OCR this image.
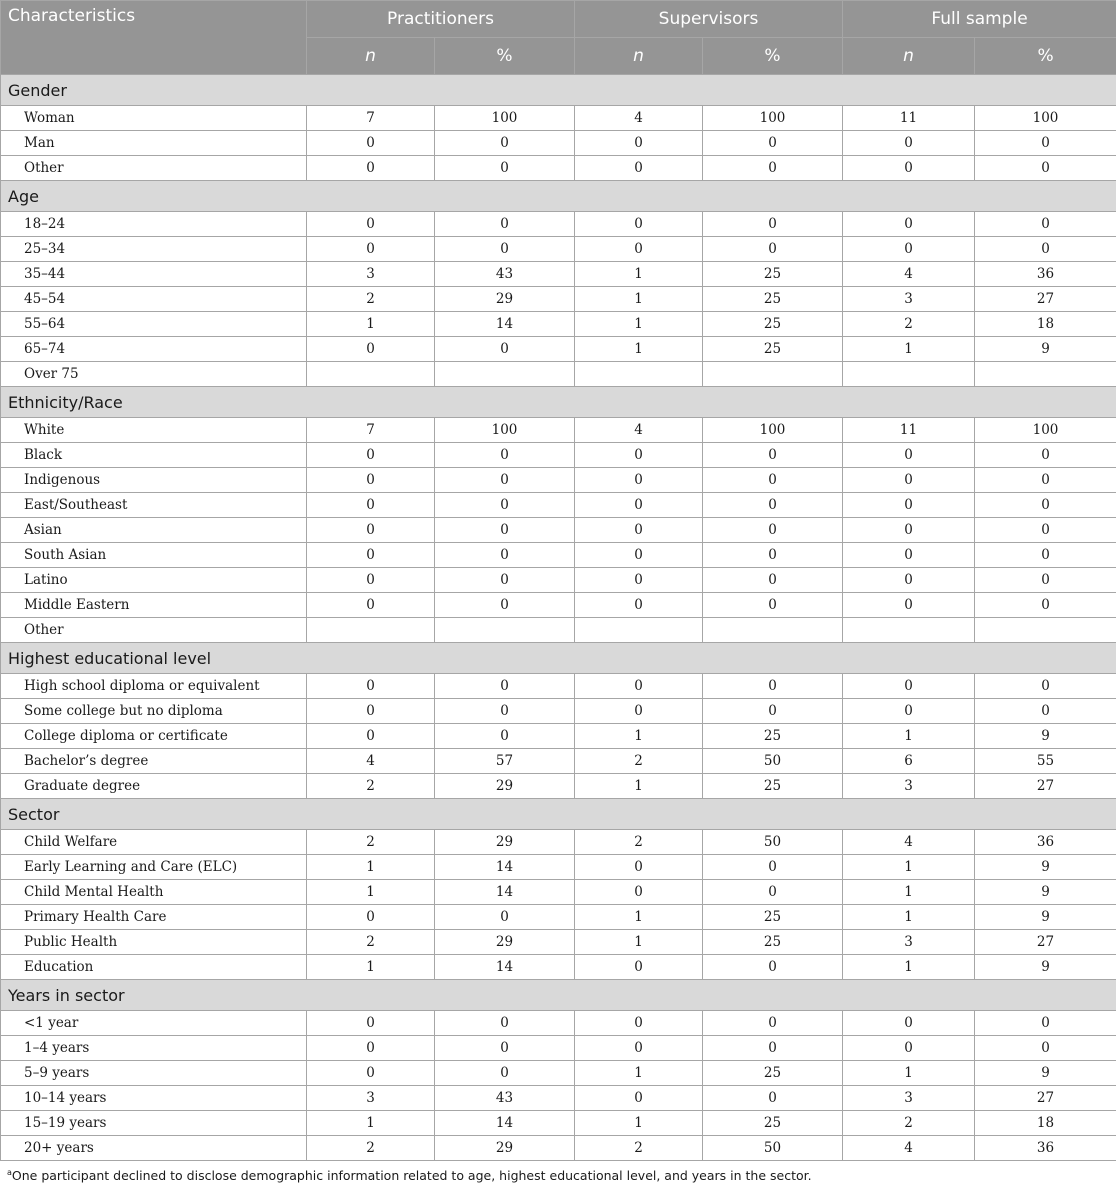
Characteristics	Practitioners		Supervisors		Full sample	
	n	%	n	%	n	%
Gender						
Woman	7	100	4	100	11	100
Man	0	0	0	0	0	0
Other	0	0	0	0	0	0
Age						
18–24	0	0	0	0	0	0
25–34	0	0	0	0	0	0
35–44	3	43	1	25	4	36
45–54	2	29	1	25	3	27
55–64	1	14	1	25	2	18
65–74	0	0	1	25	1	9
Over 75						
Ethnicity/Race						
White	7	100	4	100	11	100
Black	0	0	0	0	0	0
Indigenous	0	0	0	0	0	0
East/Southeast	0	0	0	0	0	0
Asian	0	0	0	0	0	0
South Asian	0	0	0	0	0	0
Latino	0	0	0	0	0	0
Middle Eastern	0	0	0	0	0	0
Other						
Highest educational level						
High school diploma or equivalent	0	0	0	0	0	0
Some college but no diploma	0	0	0	0	0	0
College diploma or certificate	0	0	1	25	1	9
Bachelor’s degree	4	57	2	50	6	55
Graduate degree	2	29	1	25	3	27
Sector						
Child Welfare	2	29	2	50	4	36
Early Learning and Care (ELC)	1	14	0	0	1	9
Child Mental Health	1	14	0	0	1	9
Primary Health Care	0	0	1	25	1	9
Public Health	2	29	1	25	3	27
Education	1	14	0	0	1	9
Years in sector						
<1 year	0	0	0	0	0	0
1–4 years	0	0	0	0	0	0
5–9 years	0	0	1	25	1	9
10–14 years	3	43	0	0	3	27
15–19 years	1	14	1	25	2	18
20+ years	2	29	2	50	4	36
$^a$One participant declined to disclose demographic information related to age, highest educational level, and years in the sector.
